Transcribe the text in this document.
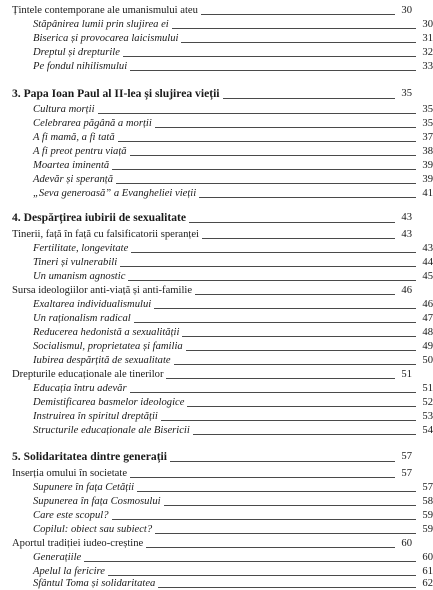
Țintele contemporane ale umanismului ateu	30
Stăpânirea lumii prin slujirea ei	30
Biserica și provocarea laicismului	31
Dreptul și drepturile	32
Pe fondul nihilismului	33
3. Papa Ioan Paul al II-lea și slujirea vieții	35
Cultura morții	35
Celebrarea păgână a morții	35
A fi mamă, a fi tată	37
A fi preot pentru viață	38
Moartea iminentă	39
Adevăr și speranță	39
„Seva generoasă” a Evangheliei vieții	41
4. Despărțirea iubirii de sexualitate	43
Tinerii, față în față cu falsificatorii speranței	43
Fertilitate, longevitate	43
Tineri și vulnerabili	44
Un umanism agnostic	45
Sursa ideologiilor anti-viață și anti-familie	46
Exaltarea individualismului	46
Un raționalism radical	47
Reducerea hedonistă a sexualității	48
Socialismul, proprietatea și familia	49
Iubirea despărțită de sexualitate	50
Drepturile educaționale ale tinerilor	51
Educația întru adevăr	51
Demistificarea basmelor ideologice	52
Instruirea în spiritul dreptății	53
Structurile educaționale ale Bisericii	54
5. Solidaritatea dintre generații	57
Inserția omului în societate	57
Supunere în fața Cetății	57
Supunerea în fața Cosmosului	58
Care este scopul?	59
Copilul: obiect sau subiect?	59
Aportul tradiției iudeo-creștine	60
Generațiile	60
Apelul la fericire	61
Sfântul Toma și solidaritatea	62
